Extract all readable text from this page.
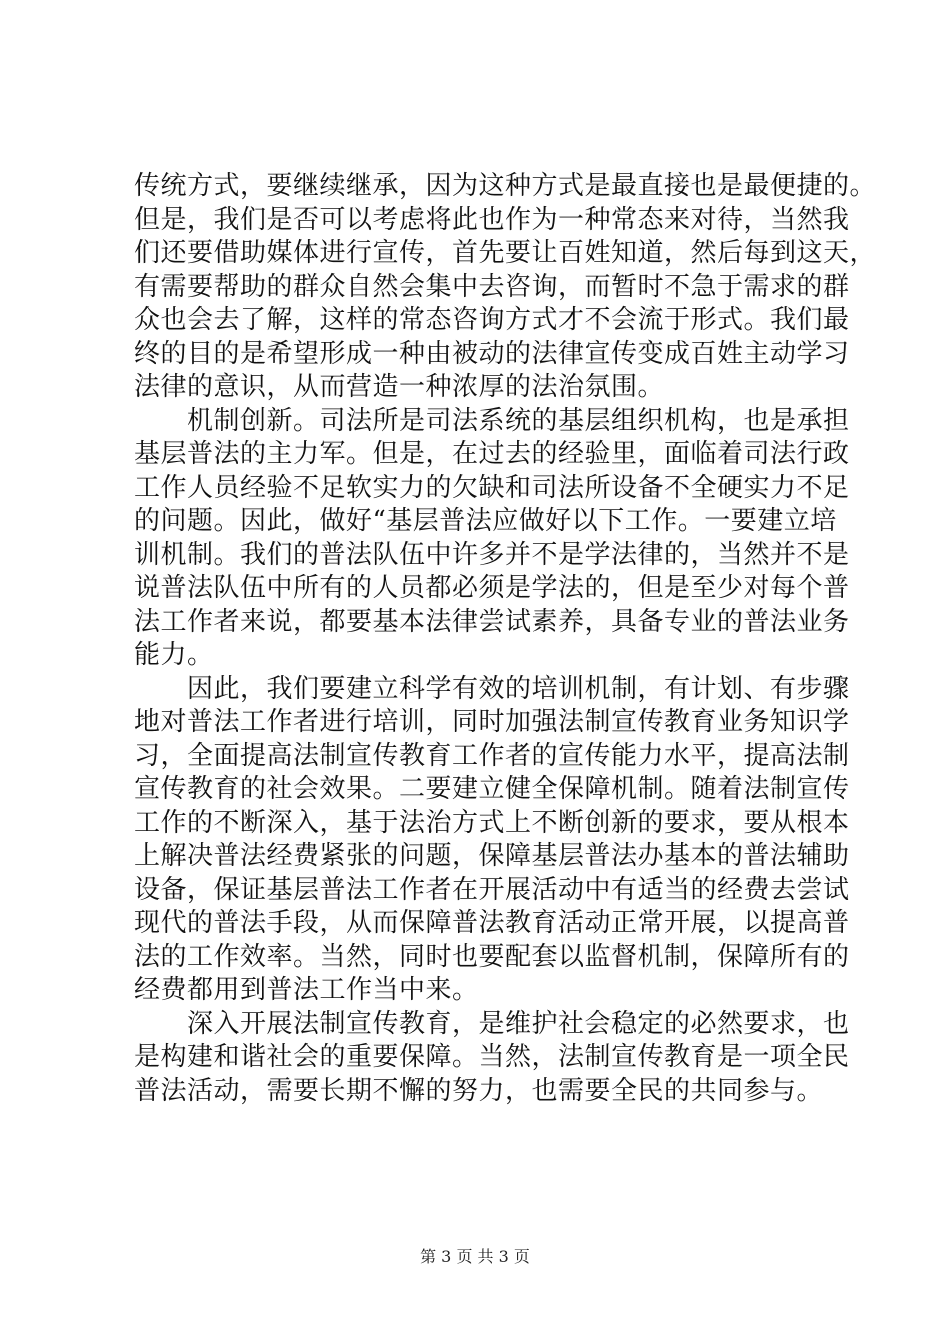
传统方式，要继续继承，因为这种方式是最直接也是最便捷的。
但是，我们是否可以考虑将此也作为一种常态来对待，当然我
们还要借助媒体进行宣传，首先要让百姓知道，然后每到这天，
有需要帮助的群众自然会集中去咨询，而暂时不急于需求的群
众也会去了解，这样的常态咨询方式才不会流于形式。我们最
终的目的是希望形成一种由被动的法律宣传变成百姓主动学习
法律的意识，从而营造一种浓厚的法治氛围。
　　机制创新。司法所是司法系统的基层组织机构，也是承担
基层普法的主力军。但是，在过去的经验里，面临着司法行政
工作人员经验不足软实力的欠缺和司法所设备不全硬实力不足
的问题。因此，做好“基层普法应做好以下工作。一要建立培
训机制。我们的普法队伍中许多并不是学法律的，当然并不是
说普法队伍中所有的人员都必须是学法的，但是至少对每个普
法工作者来说，都要基本法律尝试素养，具备专业的普法业务
能力。
　　因此，我们要建立科学有效的培训机制，有计划、有步骤
地对普法工作者进行培训，同时加强法制宣传教育业务知识学
习，全面提高法制宣传教育工作者的宣传能力水平，提高法制
宣传教育的社会效果。二要建立健全保障机制。随着法制宣传
工作的不断深入，基于法治方式上不断创新的要求，要从根本
上解决普法经费紧张的问题，保障基层普法办基本的普法辅助
设备，保证基层普法工作者在开展活动中有适当的经费去尝试
现代的普法手段，从而保障普法教育活动正常开展，以提高普
法的工作效率。当然，同时也要配套以监督机制，保障所有的
经费都用到普法工作当中来。
　　深入开展法制宣传教育，是维护社会稳定的必然要求，也
是构建和谐社会的重要保障。当然，法制宣传教育是一项全民
普法活动，需要长期不懈的努力，也需要全民的共同参与。
第 3 页 共 3 页
